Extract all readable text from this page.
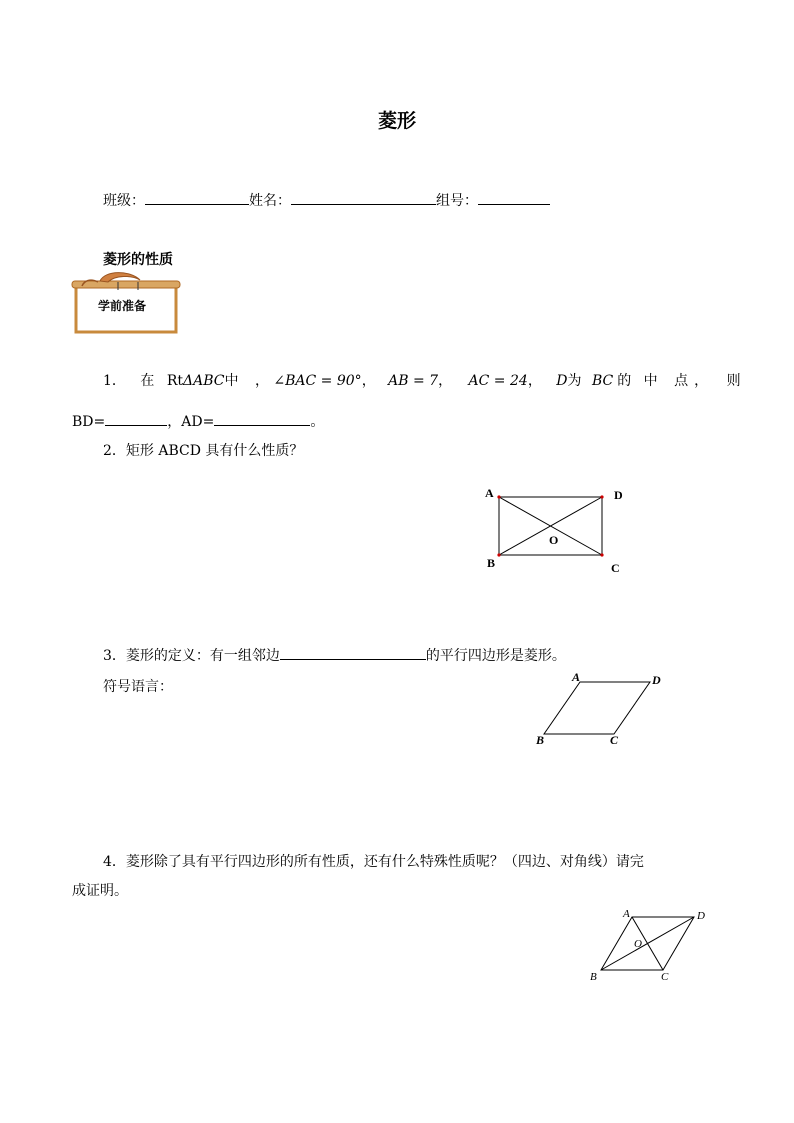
菱形
班级：	姓名：	组号：
菱形的性质
学前准备
1． 在 RtΔABC中 ， ∠BAC = 90°， AB = 7， AC = 24， D为 BC 的 中 点， 则
BD=	，AD=	。
2．矩形 ABCD 具有什么性质？
A	D
B	C
O
3．菱形的定义：有一组邻边	的平行四边形是菱形。
符号语言：
A	D
B	C
4．菱形除了具有平行四边形的所有性质，还有什么特殊性质呢？（四边、对角线）请完
成证明。
A	D
B	C
O
